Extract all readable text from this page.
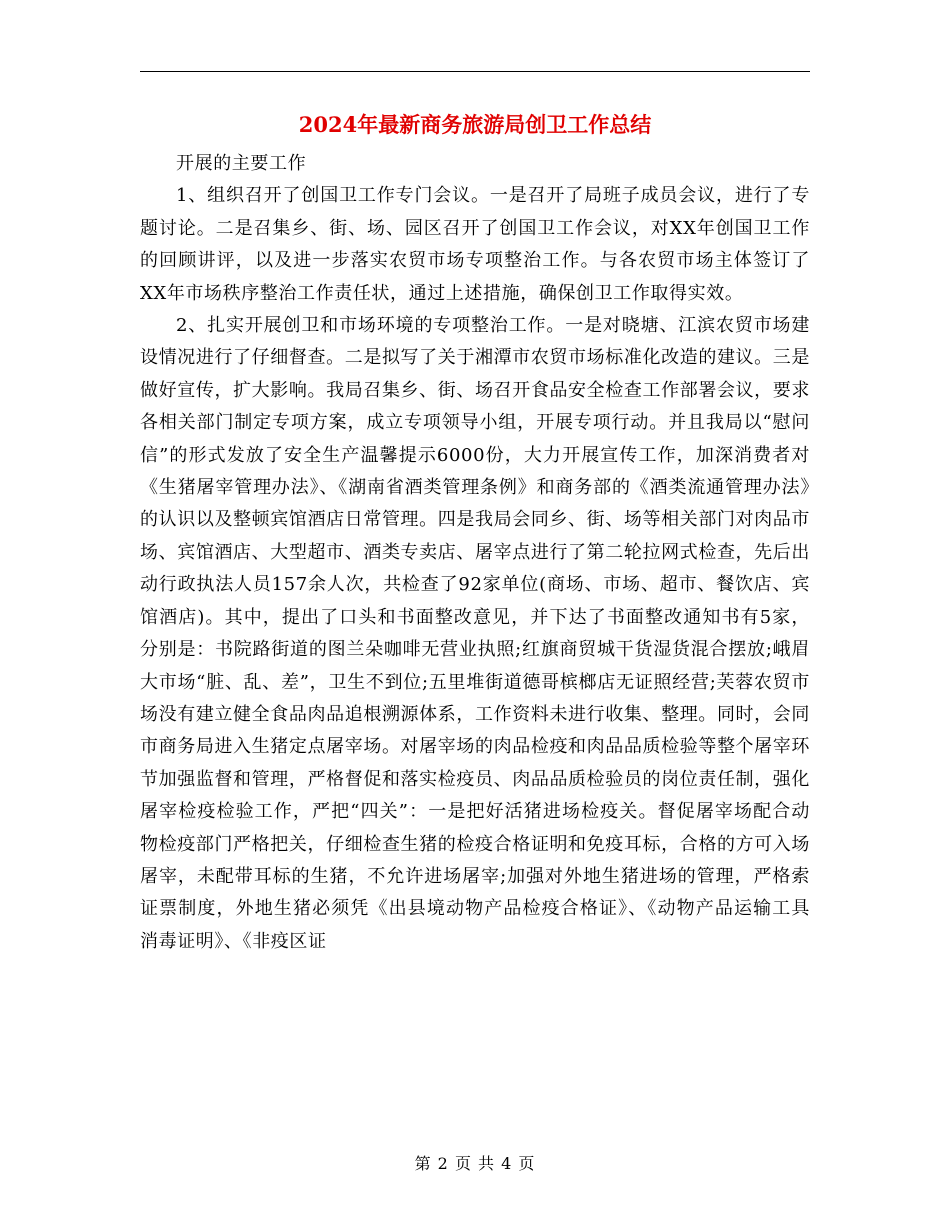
2024年最新商务旅游局创卫工作总结

开展的主要工作

1、组织召开了创国卫工作专门会议。一是召开了局班子成员会议，进行了专题讨论。二是召集乡、街、场、园区召开了创国卫工作会议，对XX年创国卫工作的回顾讲评，以及进一步落实农贸市场专项整治工作。与各农贸市场主体签订了XX年市场秩序整治工作责任状，通过上述措施，确保创卫工作取得实效。

2、扎实开展创卫和市场环境的专项整治工作。一是对晓塘、江滨农贸市场建设情况进行了仔细督查。二是拟写了关于湘潭市农贸市场标准化改造的建议。三是做好宣传，扩大影响。我局召集乡、街、场召开食品安全检查工作部署会议，要求各相关部门制定专项方案，成立专项领导小组，开展专项行动。并且我局以“慰问信”的形式发放了安全生产温馨提示6000份，大力开展宣传工作，加深消费者对《生猪屠宰管理办法》、《湖南省酒类管理条例》和商务部的《酒类流通管理办法》的认识以及整顿宾馆酒店日常管理。四是我局会同乡、街、场等相关部门对肉品市场、宾馆酒店、大型超市、酒类专卖店、屠宰点进行了第二轮拉网式检查，先后出动行政执法人员157余人次，共检查了92家单位(商场、市场、超市、餐饮店、宾馆酒店)。其中，提出了口头和书面整改意见，并下达了书面整改通知书有5家，分别是：书院路街道的图兰朵咖啡无营业执照;红旗商贸城干货湿货混合摆放;峨眉大市场“脏、乱、差”，卫生不到位;五里堆街道德哥槟榔店无证照经营;芙蓉农贸市场没有建立健全食品肉品追根溯源体系，工作资料未进行收集、整理。同时，会同市商务局进入生猪定点屠宰场。对屠宰场的肉品检疫和肉品品质检验等整个屠宰环节加强监督和管理，严格督促和落实检疫员、肉品品质检验员的岗位责任制，强化屠宰检疫检验工作，严把“四关”：一是把好活猪进场检疫关。督促屠宰场配合动物检疫部门严格把关，仔细检查生猪的检疫合格证明和免疫耳标，合格的方可入场屠宰，未配带耳标的生猪，不允许进场屠宰;加强对外地生猪进场的管理，严格索证票制度，外地生猪必须凭《出县境动物产品检疫合格证》、《动物产品运输工具消毒证明》、《非疫区证

第 2 页 共 4 页
